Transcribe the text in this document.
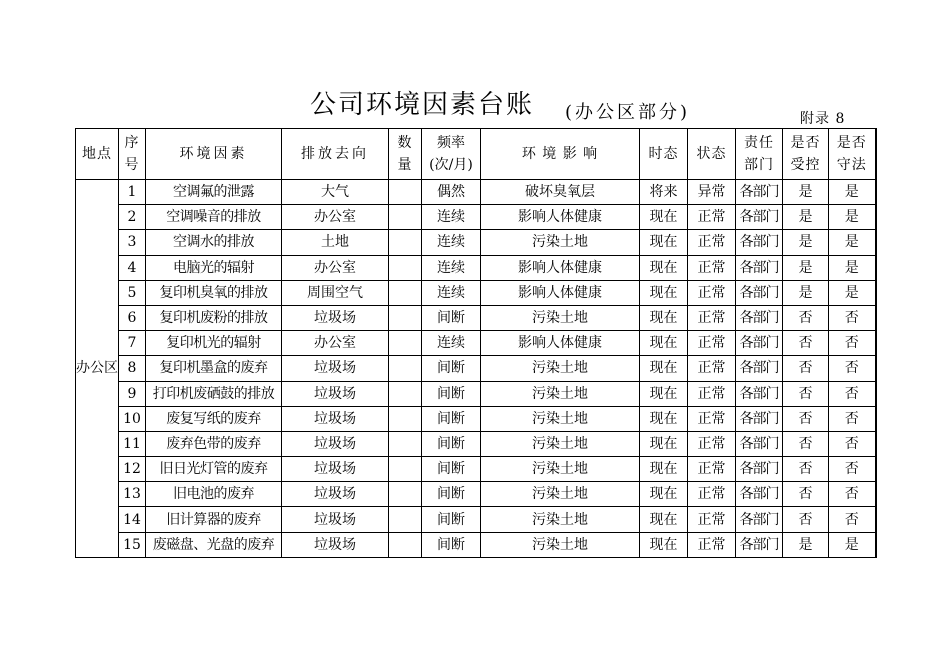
公司环境因素台账 (办公区部分)	附录 8
地点	序号	环境因素	排放去向	数量	频率(次/月)	环 境 影 响	时态	状态	责任部门	是否受控	是否守法
办公区	1	空调氟的泄露	大气		偶然	破坏臭氧层	将来	异常	各部门	是	是
	2	空调噪音的排放	办公室		连续	影响人体健康	现在	正常	各部门	是	是
	3	空调水的排放	土地		连续	污染土地	现在	正常	各部门	是	是
	4	电脑光的辐射	办公室		连续	影响人体健康	现在	正常	各部门	是	是
	5	复印机臭氧的排放	周围空气		连续	影响人体健康	现在	正常	各部门	是	是
	6	复印机废粉的排放	垃圾场		间断	污染土地	现在	正常	各部门	否	否
	7	复印机光的辐射	办公室		连续	影响人体健康	现在	正常	各部门	否	否
	8	复印机墨盒的废弃	垃圾场		间断	污染土地	现在	正常	各部门	否	否
	9	打印机废硒鼓的排放	垃圾场		间断	污染土地	现在	正常	各部门	否	否
	10	废复写纸的废弃	垃圾场		间断	污染土地	现在	正常	各部门	否	否
	11	废弃色带的废弃	垃圾场		间断	污染土地	现在	正常	各部门	否	否
	12	旧日光灯管的废弃	垃圾场		间断	污染土地	现在	正常	各部门	否	否
	13	旧电池的废弃	垃圾场		间断	污染土地	现在	正常	各部门	否	否
	14	旧计算器的废弃	垃圾场		间断	污染土地	现在	正常	各部门	否	否
	15	废磁盘、光盘的废弃	垃圾场		间断	污染土地	现在	正常	各部门	是	是
